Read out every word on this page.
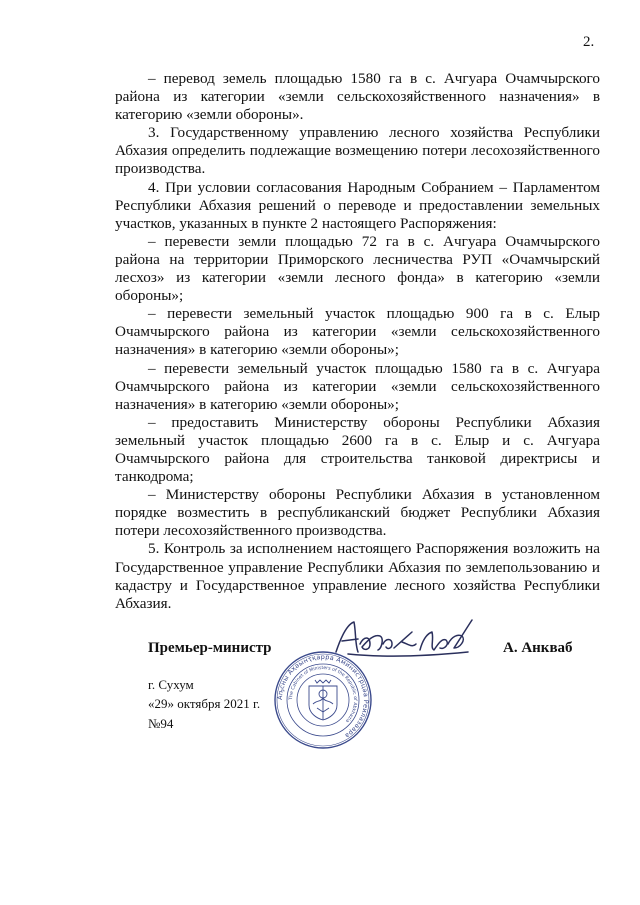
2.

– перевод земель площадью 1580 га в с. Ачгуара Очамчырского района из категории «земли сельскохозяйственного назначения» в категорию «земли обороны».

3. Государственному управлению лесного хозяйства Республики Абхазия определить подлежащие возмещению потери лесохозяйственного производства.

4. При условии согласования Народным Собранием – Парламентом Республики Абхазия решений о переводе и предоставлении земельных участков, указанных в пункте 2 настоящего Распоряжения:

– перевести земли площадью 72 га в с. Ачгуара Очамчырского района на территории Приморского лесничества РУП «Очамчырский лесхоз» из категории «земли лесного фонда» в категорию «земли обороны»;

– перевести земельный участок площадью 900 га в с. Елыр Очамчырского района из категории «земли сельскохозяйственного назначения» в категорию «земли обороны»;

– перевести земельный участок площадью 1580 га в с. Ачгуара Очамчырского района из категории «земли сельскохозяйственного назначения» в категорию «земли обороны»;

– предоставить Министерству обороны Республики Абхазия земельный участок площадью 2600 га в с. Елыр и с. Ачгуара Очамчырского района для строительства танковой директрисы и танкодрома;

– Министерству обороны Республики Абхазия в установленном порядке возместить в республиканский бюджет Республики Абхазия потери лесохозяйственного производства.

5. Контроль за исполнением настоящего Распоряжения возложить на Государственное управление Республики Абхазия по землепользованию и кадастру и Государственное управление лесного хозяйства Республики Абхазия.

Премьер-министр	А. Анкваб
г. Сухум
«29» октября 2021 г.
№94
Аҧсны Аҳәынҭқарра Аминистрцәа Реилазаара
The Cabinet of Ministers of the Republic of Abkhazia
